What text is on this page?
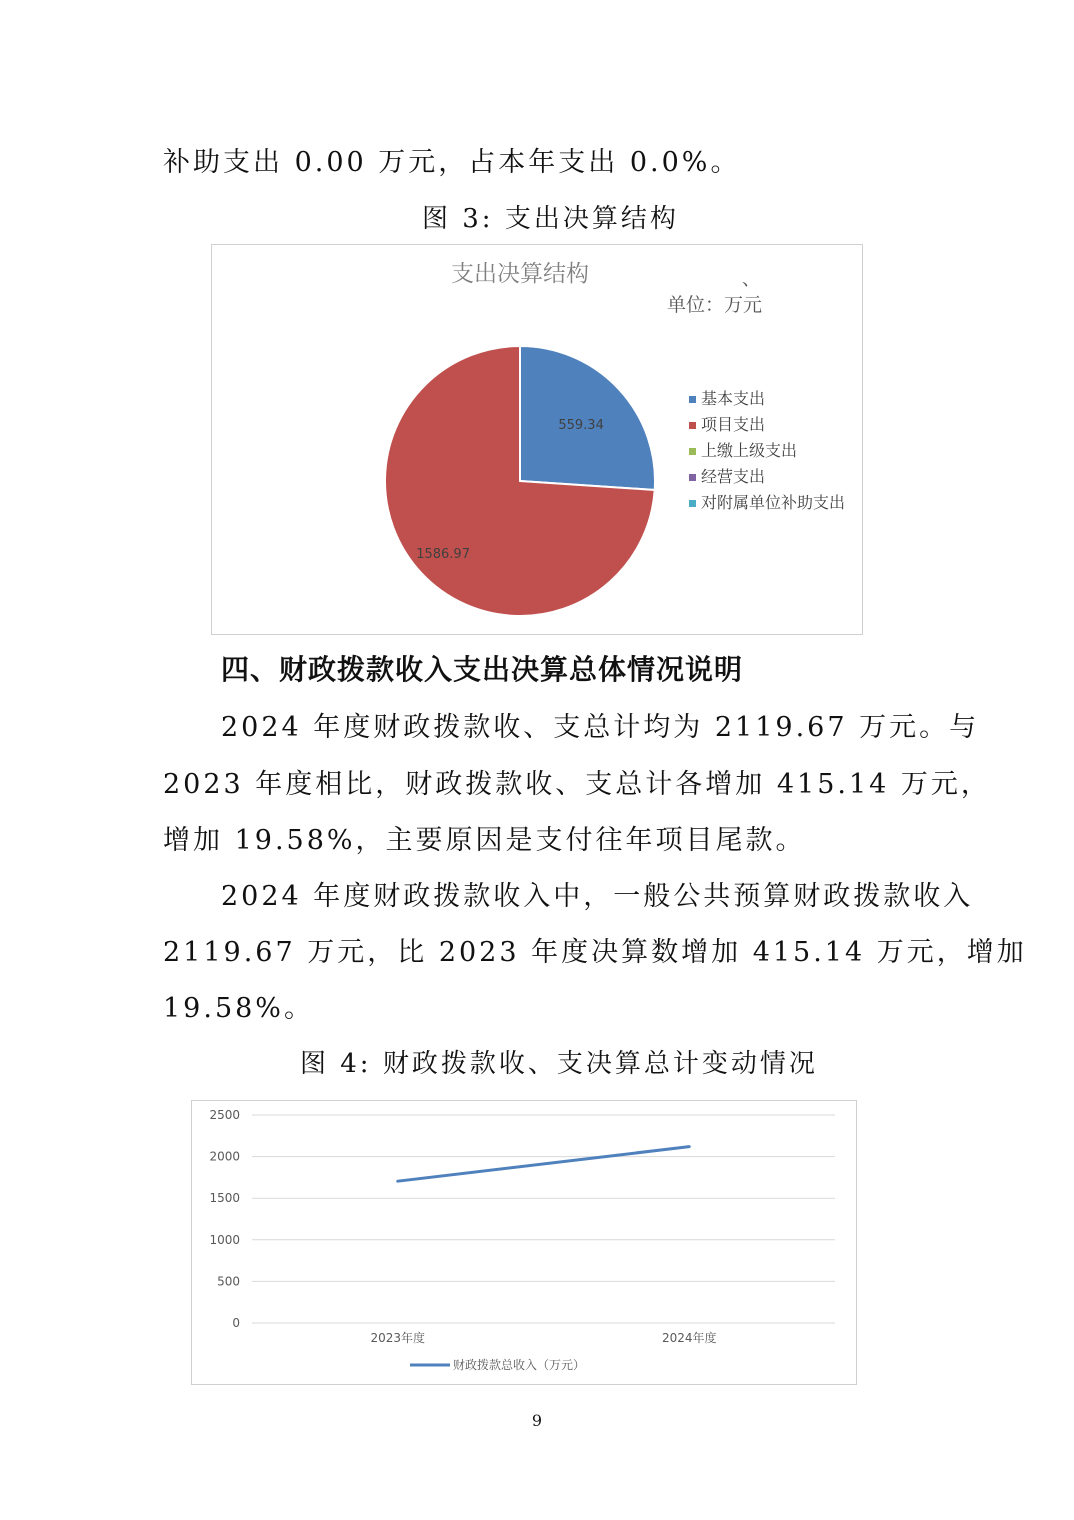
补助支出 0.00 万元，占本年支出 0.0%。
图 3: 支出决算结构
支出决算结构	、
单位：万元
559.34
1586.97
基本支出
项目支出
上缴上级支出
经营支出
对附属单位补助支出
四、财政拨款收入支出决算总体情况说明
2024 年度财政拨款收、支总计均为 2119.67 万元。与
2023 年度相比，财政拨款收、支总计各增加 415.14 万元，
增加 19.58%，主要原因是支付往年项目尾款。
2024 年度财政拨款收入中，一般公共预算财政拨款收入
2119.67 万元，比 2023 年度决算数增加 415.14 万元，增加
19.58%。
图 4: 财政拨款收、支决算总计变动情况
0
500
1000
1500
2000
2500
2023年度	2024年度
财政拨款总收入（万元）
9
